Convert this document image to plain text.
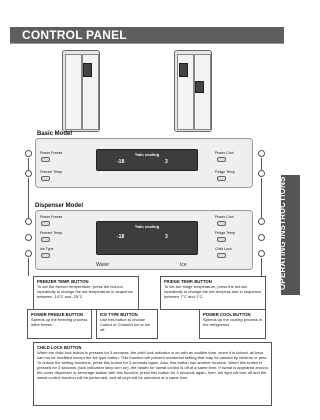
CONTROL PANEL
OPERATING INSTRUCTIONS
Basic Model
Twin cooling
-18	3
Power Freeze
Freezer Temp
Power Cool
Fridge Temp
Dispenser Model
Twin cooling
-18	3
Power Freeze
Freezer Temp
Ice Type
Power Cool
Fridge Temp
Child Lock
Water	Ice
FREEZER TEMP. BUTTON
To set the freezer temperature, press the but-ton repeatedly to change the set temperature in sequence between -14°C and -25°C
FRIDGE TEMP. BUTTON
To set the fridge temperature, press the but-ton repeatedly to change the set tempera-ture in sequence between 7°C and 1°C.
POWER FREEZE BUTTON
Speeds up the freezing process inthe freeze.
ICE TYPE BUTTON
Use this button to choose Cubed or Crushed Ice or Ice off.
POWER COOL BUTTON
Speeds up the cooling process in the refrigerator
CHILD LOCK BUTTON
When the child lock button is pressed for 3 seconds, the child lock indicator is on with an audible tone. when it is locked, all keys can not be modified except the ice type button. This function will prevent accidental setting that may be caused by children or pets. To unlock the setting functions, press this button for 3 seconds again. Also, this button has another function. When this button is pressed for 3 seconds (lock indication lamp turn on), the heater for sweat control is off at a same time. If sweat is appeared around the cover dispenser or beverage station with this function, press this button for 3 seconds again. then, the light will turn off and the sweat control function will be performed. and all keys will be unlocked at a same time
